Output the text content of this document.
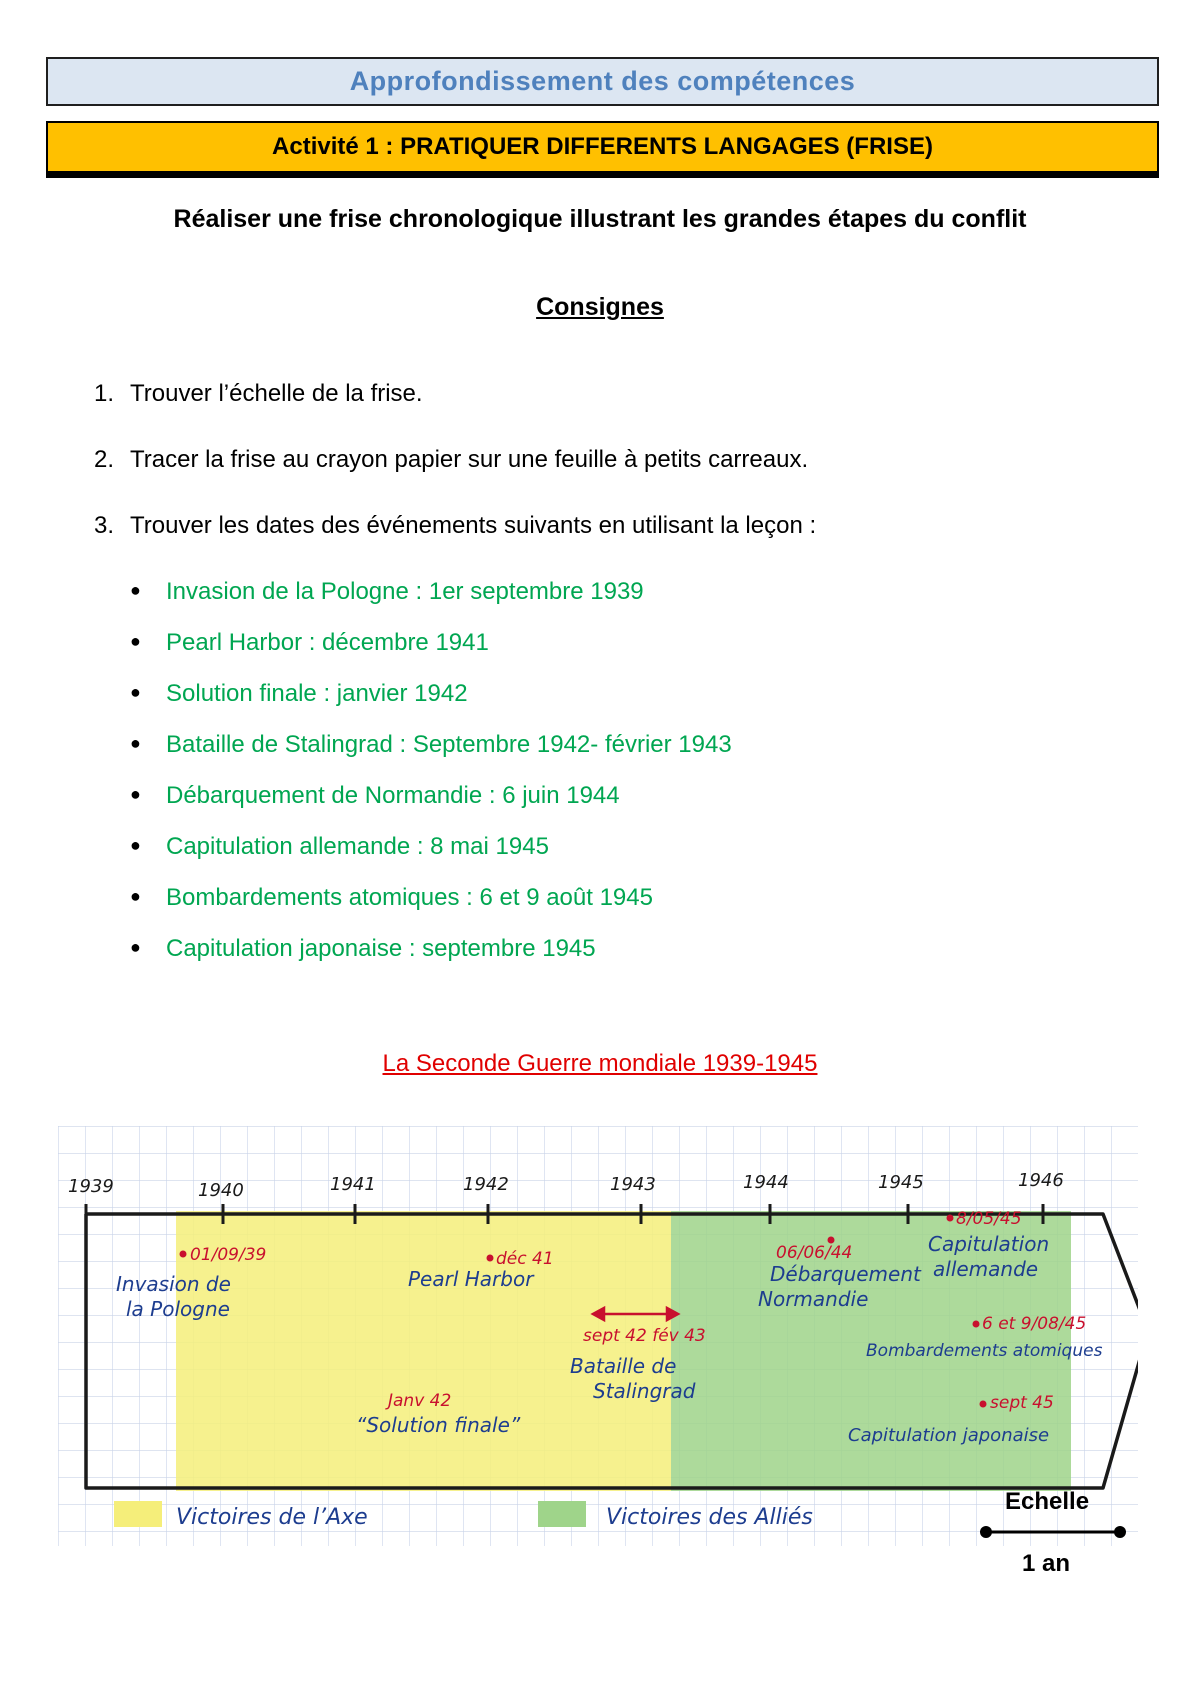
Approfondissement des compétences
Activité 1 : PRATIQUER DIFFERENTS LANGAGES (FRISE)
Réaliser une frise chronologique illustrant les grandes étapes du conflit
Consignes
1. Trouver l’échelle de la frise.
2. Tracer la frise au crayon papier sur une feuille à petits carreaux.
3. Trouver les dates des événements suivants en utilisant la leçon :
● Invasion de la Pologne : 1er septembre 1939
● Pearl Harbor : décembre 1941
● Solution finale : janvier 1942
● Bataille de Stalingrad : Septembre 1942- février 1943
● Débarquement de Normandie : 6 juin 1944
● Capitulation allemande : 8 mai 1945
● Bombardements atomiques : 6 et 9 août 1945
● Capitulation japonaise : septembre 1945
La Seconde Guerre mondiale 1939-1945
1939	1940	1941	1942	1943	1944	1945	1946
01/09/39	déc 41
Janv 42
sept 42 fév 43
06/06/44
8/05/45
6 et 9/08/45
sept 45
Invasion de
la Pologne
Pearl Harbor
“Solution finale”
Bataille de
Stalingrad
Débarquement
Normandie
Capitulation
allemande
Bombardements atomiques
Capitulation japonaise
Victoires de l’Axe	Victoires des Alliés
Echelle
1 an
